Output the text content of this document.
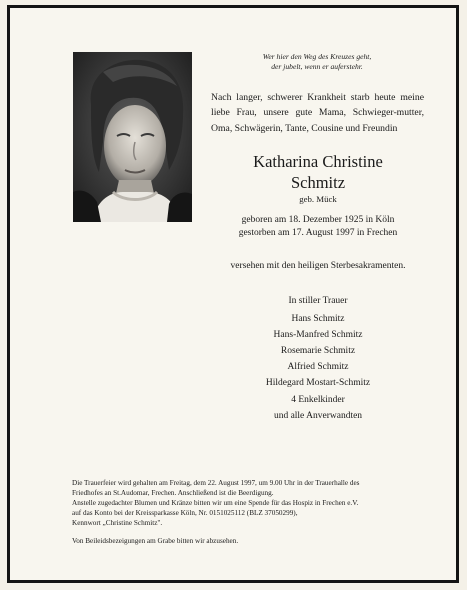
Wer hier den Weg des Kreuzes geht,
der jubelt, wenn er auferstehr.
Nach langer, schwerer Krankheit starb heute meine liebe Frau, unsere gute Mama, Schwieger-mutter, Oma, Schwägerin, Tante, Cousine und Freundin
Katharina Christine
Schmitz
geb. Mück
geboren am 18. Dezember 1925 in Köln
gestorben am 17. August 1997 in Frechen
versehen mit den heiligen Sterbesakramenten.
In stiller Trauer
Hans Schmitz
Hans-Manfred Schmitz
Rosemarie Schmitz
Alfried Schmitz
Hildegard Mostart-Schmitz
4 Enkelkinder
und alle Anverwandten
Die Trauerfeier wird gehalten am Freitag, dem 22. August 1997, um 9.00 Uhr in der Trauerhalle des
Friedhofes an St.Audomar, Frechen. Anschließend ist die Beerdigung.
Anstelle zugedachter Blumen und Kränze bitten wir um eine Spende für das Hospiz in Frechen e.V.
auf das Konto bei der Kreissparkasse Köln, Nr. 0151025112 (BLZ 37050299),
Kennwort „Christine Schmitz".
Von Beileidsbezeigungen am Grabe bitten wir abzusehen.
